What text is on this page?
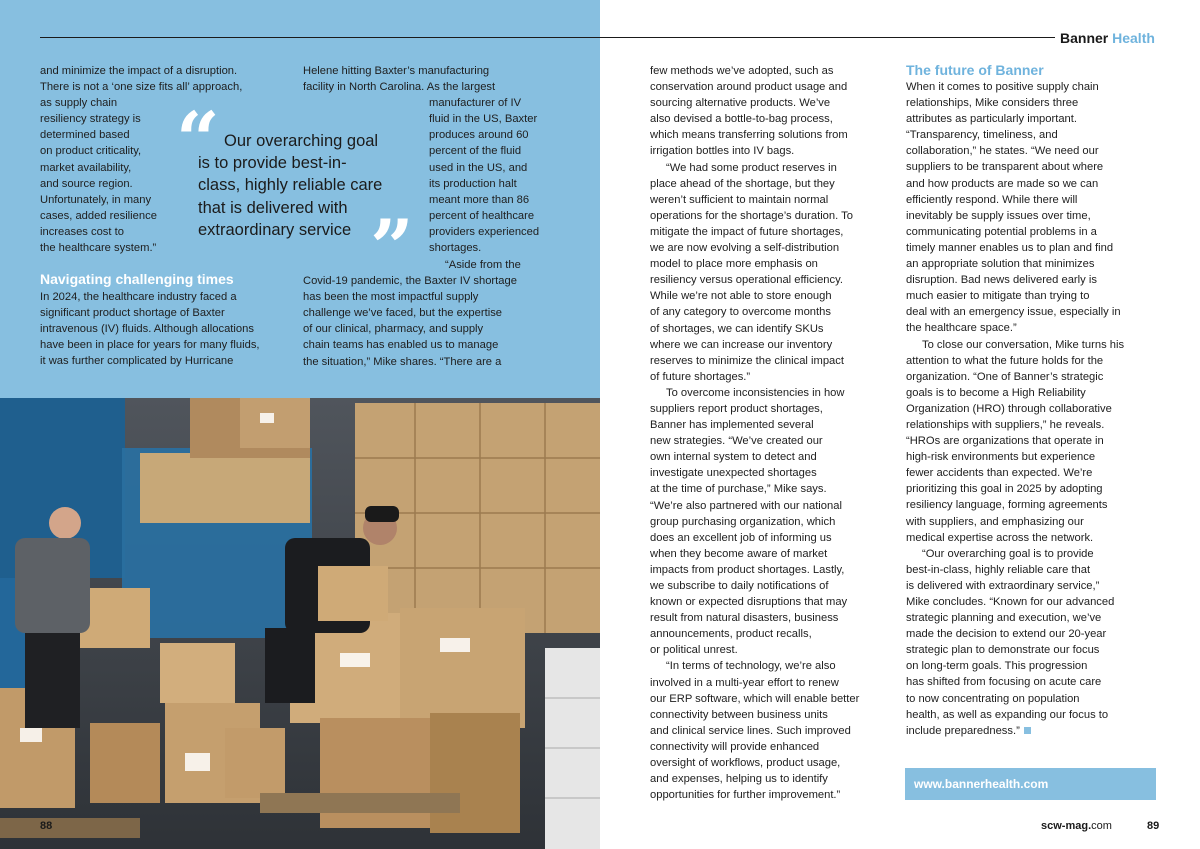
and minimize the impact of a disruption.
There is not a ‘one size fits all’ approach,
as supply chain
resiliency strategy is
determined based
on product criticality,
market availability,
and source region.
Unfortunately, in many
cases, added resilience
increases cost to
the healthcare system.”
Helene hitting Baxter’s manufacturing
facility in North Carolina. As the largest
manufacturer of IV
fluid in the US, Baxter
produces around 60
percent of the fluid
used in the US, and
its production halt
meant more than 86
percent of healthcare
providers experienced
shortages.
“ Our overarching goal
is to provide best-in-
class, highly reliable care
that is delivered with
extraordinary service ”
Navigating challenging times
In 2024, the healthcare industry faced a
significant product shortage of Baxter
intravenous (IV) fluids. Although allocations
have been in place for years for many fluids,
it was further complicated by Hurricane
“Aside from the
Covid-19 pandemic, the Baxter IV shortage
has been the most impactful supply
challenge we’ve faced, but the expertise
of our clinical, pharmacy, and supply
chain teams has enabled us to manage
the situation,” Mike shares. “There are a
88
Banner Health
few methods we’ve adopted, such as
conservation around product usage and
sourcing alternative products. We’ve
also devised a bottle-to-bag process,
which means transferring solutions from
irrigation bottles into IV bags.
“We had some product reserves in
place ahead of the shortage, but they
weren’t sufficient to maintain normal
operations for the shortage’s duration. To
mitigate the impact of future shortages,
we are now evolving a self-distribution
model to place more emphasis on
resiliency versus operational efficiency.
While we’re not able to store enough
of any category to overcome months
of shortages, we can identify SKUs
where we can increase our inventory
reserves to minimize the clinical impact
of future shortages.”
To overcome inconsistencies in how
suppliers report product shortages,
Banner has implemented several
new strategies. “We’ve created our
own internal system to detect and
investigate unexpected shortages
at the time of purchase,” Mike says.
“We’re also partnered with our national
group purchasing organization, which
does an excellent job of informing us
when they become aware of market
impacts from product shortages. Lastly,
we subscribe to daily notifications of
known or expected disruptions that may
result from natural disasters, business
announcements, product recalls,
or political unrest.
“In terms of technology, we’re also
involved in a multi-year effort to renew
our ERP software, which will enable better
connectivity between business units
and clinical service lines. Such improved
connectivity will provide enhanced
oversight of workflows, product usage,
and expenses, helping us to identify
opportunities for further improvement.”
The future of Banner
When it comes to positive supply chain
relationships, Mike considers three
attributes as particularly important.
“Transparency, timeliness, and
collaboration,” he states. “We need our
suppliers to be transparent about where
and how products are made so we can
efficiently respond. While there will
inevitably be supply issues over time,
communicating potential problems in a
timely manner enables us to plan and find
an appropriate solution that minimizes
disruption. Bad news delivered early is
much easier to mitigate than trying to
deal with an emergency issue, especially in
the healthcare space.”
To close our conversation, Mike turns his
attention to what the future holds for the
organization. “One of Banner’s strategic
goals is to become a High Reliability
Organization (HRO) through collaborative
relationships with suppliers,” he reveals.
“HROs are organizations that operate in
high-risk environments but experience
fewer accidents than expected. We’re
prioritizing this goal in 2025 by adopting
resiliency language, forming agreements
with suppliers, and emphasizing our
medical expertise across the network.
“Our overarching goal is to provide
best-in-class, highly reliable care that
is delivered with extraordinary service,”
Mike concludes. “Known for our advanced
strategic planning and execution, we’ve
made the decision to extend our 20-year
strategic plan to demonstrate our focus
on long-term goals. This progression
has shifted from focusing on acute care
to now concentrating on population
health, as well as expanding our focus to
include preparedness.”
www.bannerhealth.com
scw-mag.com	89
